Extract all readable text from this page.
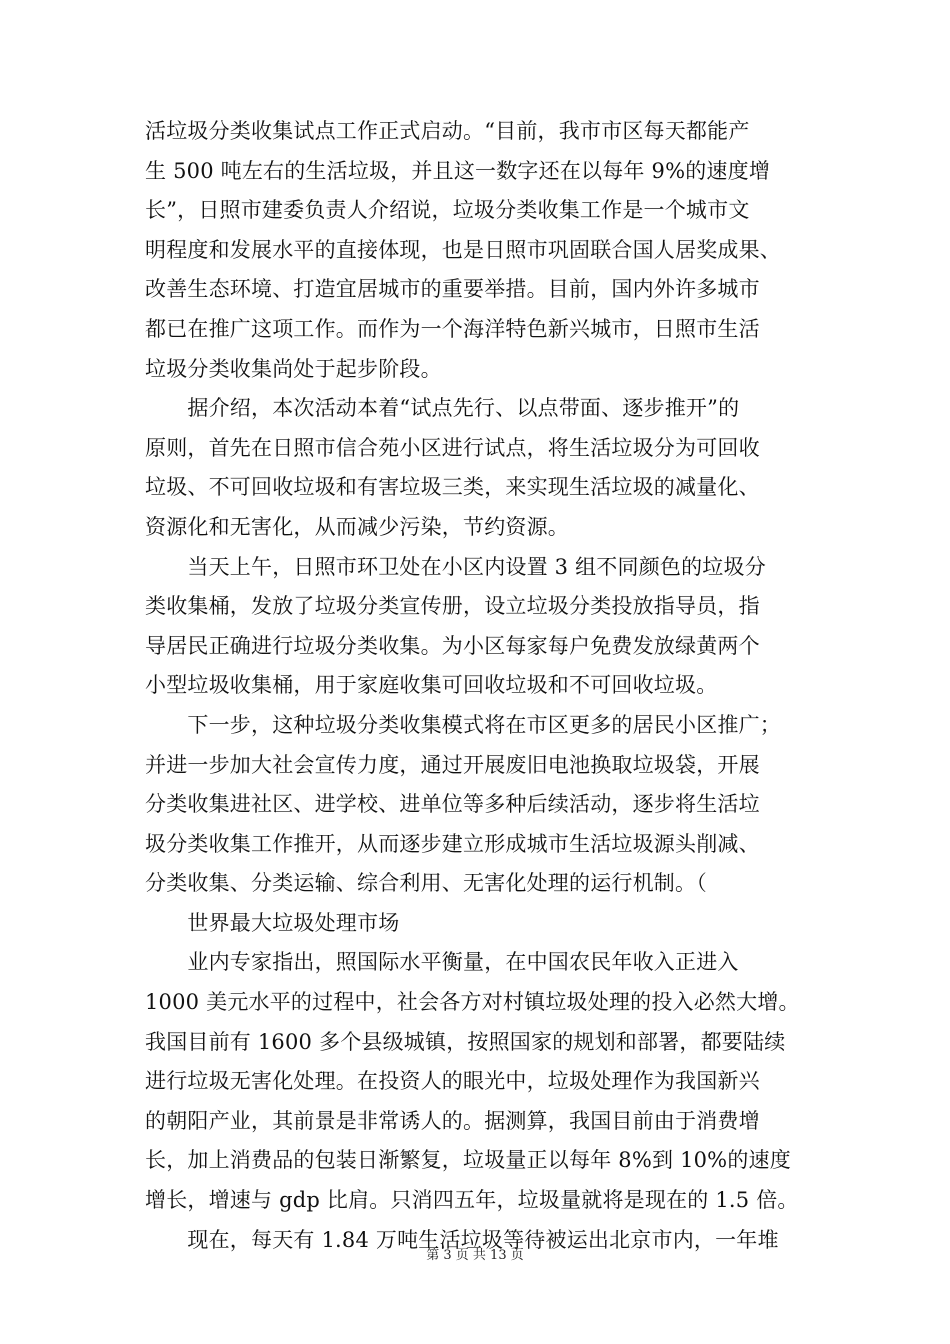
活垃圾分类收集试点工作正式启动。“目前，我市市区每天都能产
生 500 吨左右的生活垃圾，并且这一数字还在以每年 9%的速度增
长”，日照市建委负责人介绍说，垃圾分类收集工作是一个城市文
明程度和发展水平的直接体现，也是日照市巩固联合国人居奖成果、
改善生态环境、打造宜居城市的重要举措。目前，国内外许多城市
都已在推广这项工作。而作为一个海洋特色新兴城市，日照市生活
垃圾分类收集尚处于起步阶段。
　　据介绍，本次活动本着“试点先行、以点带面、逐步推开”的
原则，首先在日照市信合苑小区进行试点，将生活垃圾分为可回收
垃圾、不可回收垃圾和有害垃圾三类，来实现生活垃圾的减量化、
资源化和无害化，从而减少污染，节约资源。
　　当天上午，日照市环卫处在小区内设置 3 组不同颜色的垃圾分
类收集桶，发放了垃圾分类宣传册，设立垃圾分类投放指导员，指
导居民正确进行垃圾分类收集。为小区每家每户免费发放绿黄两个
小型垃圾收集桶，用于家庭收集可回收垃圾和不可回收垃圾。
　　下一步，这种垃圾分类收集模式将在市区更多的居民小区推广；
并进一步加大社会宣传力度，通过开展废旧电池换取垃圾袋，开展
分类收集进社区、进学校、进单位等多种后续活动，逐步将生活垃
圾分类收集工作推开，从而逐步建立形成城市生活垃圾源头削减、
分类收集、分类运输、综合利用、无害化处理的运行机制。（
　　世界最大垃圾处理市场
　　业内专家指出，照国际水平衡量，在中国农民年收入正进入
1000 美元水平的过程中，社会各方对村镇垃圾处理的投入必然大增。
我国目前有 1600 多个县级城镇，按照国家的规划和部署，都要陆续
进行垃圾无害化处理。在投资人的眼光中，垃圾处理作为我国新兴
的朝阳产业，其前景是非常诱人的。据测算，我国目前由于消费增
长，加上消费品的包装日渐繁复，垃圾量正以每年 8%到 10%的速度
增长，增速与 gdp 比肩。只消四五年，垃圾量就将是现在的 1.5 倍。
　　现在，每天有 1.84 万吨生活垃圾等待被运出北京市内，一年堆
第 3 页 共 13 页
